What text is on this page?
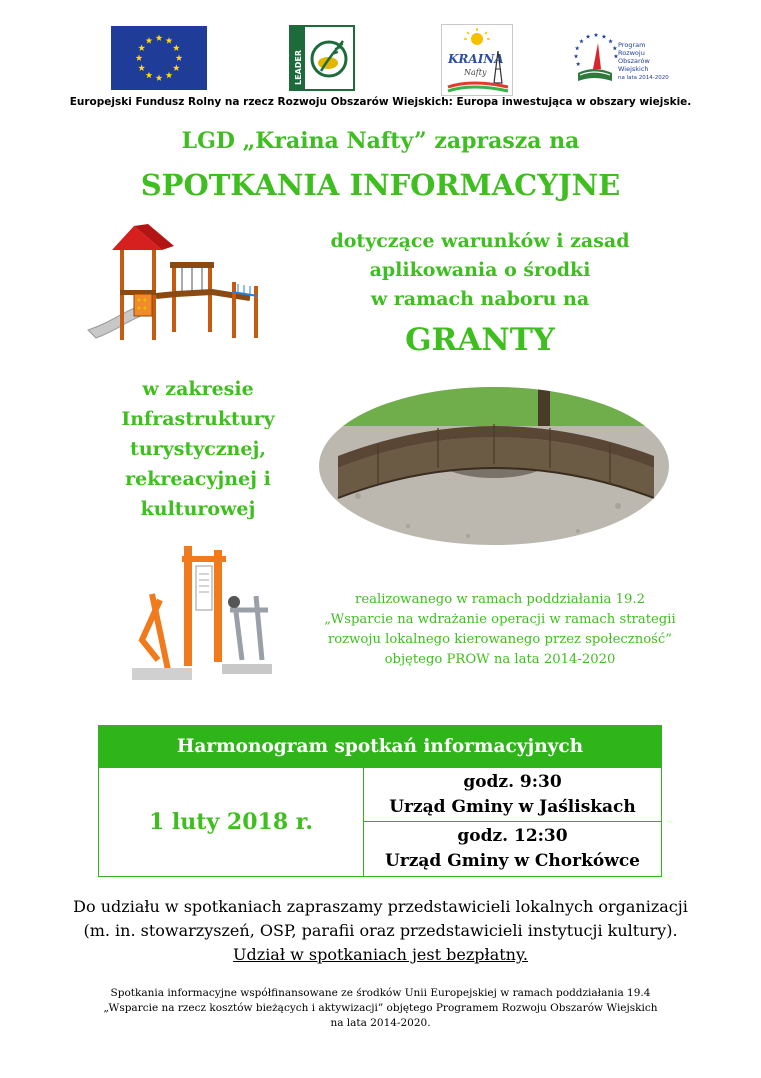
LEADER	KRAINA
Nafty
Program
Rozwoju
Obszarów
Wiejskich
na lata 2014-2020
Europejski Fundusz Rolny na rzecz Rozwoju Obszarów Wiejskich: Europa inwestująca w obszary wiejskie.
LGD „Kraina Nafty” zaprasza na
SPOTKANIA INFORMACYJNE
dotyczące warunków i zasad
aplikowania o środki
w ramach naboru na
GRANTY
w zakresie
Infrastruktury
turystycznej,
rekreacyjnej i
kulturowej
realizowanego w ramach poddziałania 19.2
„Wsparcie na wdrażanie operacji w ramach strategii
rozwoju lokalnego kierowanego przez społeczność”
objętego PROW na lata 2014-2020
Harmonogram spotkań informacyjnych
1 luty 2018 r.
godz. 9:30
Urząd Gminy w Jaśliskach
godz. 12:30
Urząd Gminy w Chorkówce
Do udziału w spotkaniach zapraszamy przedstawicieli lokalnych organizacji
(m. in. stowarzyszeń, OSP, parafii oraz przedstawicieli instytucji kultury).
Udział w spotkaniach jest bezpłatny.
Spotkania informacyjne współfinansowane ze środków Unii Europejskiej w ramach poddziałania 19.4
„Wsparcie na rzecz kosztów bieżących i aktywizacji” objętego Programem Rozwoju Obszarów Wiejskich
na lata 2014-2020.
